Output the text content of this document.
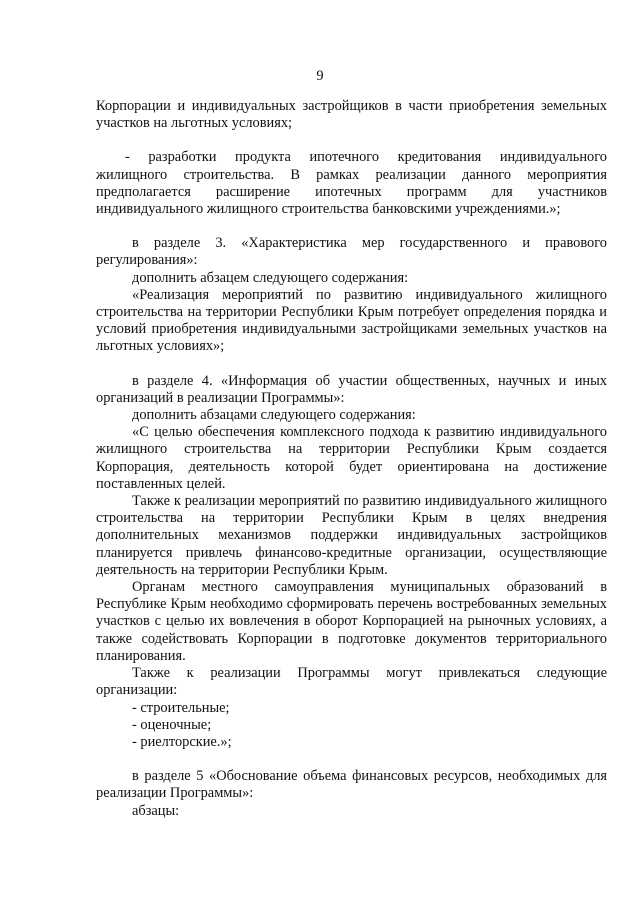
9

Корпорации и индивидуальных застройщиков в части приобретения земельных участков на льготных условиях;

- разработки продукта ипотечного кредитования индивидуального жилищного строительства. В рамках реализации данного мероприятия предполагается расширение ипотечных программ для участников индивидуального жилищного строительства банковскими учреждениями.»;

в разделе 3. «Характеристика мер государственного и правового регулирования»:

дополнить абзацем следующего содержания:

«Реализация мероприятий по развитию индивидуального жилищного строительства на территории Республики Крым потребует определения порядка и условий приобретения индивидуальными застройщиками земельных участков на льготных условиях»;

в разделе 4. «Информация об участии общественных, научных и иных организаций в реализации Программы»:

дополнить абзацами следующего содержания:

«С целью обеспечения комплексного подхода к развитию индивидуального жилищного строительства на территории Республики Крым создается Корпорация, деятельность которой будет ориентирована на достижение поставленных целей.

Также к реализации мероприятий по развитию индивидуального жилищного строительства на территории Республики Крым в целях внедрения дополнительных механизмов поддержки индивидуальных застройщиков планируется привлечь финансово-кредитные организации, осуществляющие деятельность на территории Республики Крым.

Органам местного самоуправления муниципальных образований в Республике Крым необходимо сформировать перечень востребованных земельных участков с целью их вовлечения в оборот Корпорацией на рыночных условиях, а также содействовать Корпорации в подготовке документов территориального планирования.

Также к реализации Программы могут привлекаться следующие организации:

- строительные;

- оценочные;

- риелторские.»;

в разделе 5 «Обоснование объема финансовых ресурсов, необходимых для реализации Программы»:

абзацы:
